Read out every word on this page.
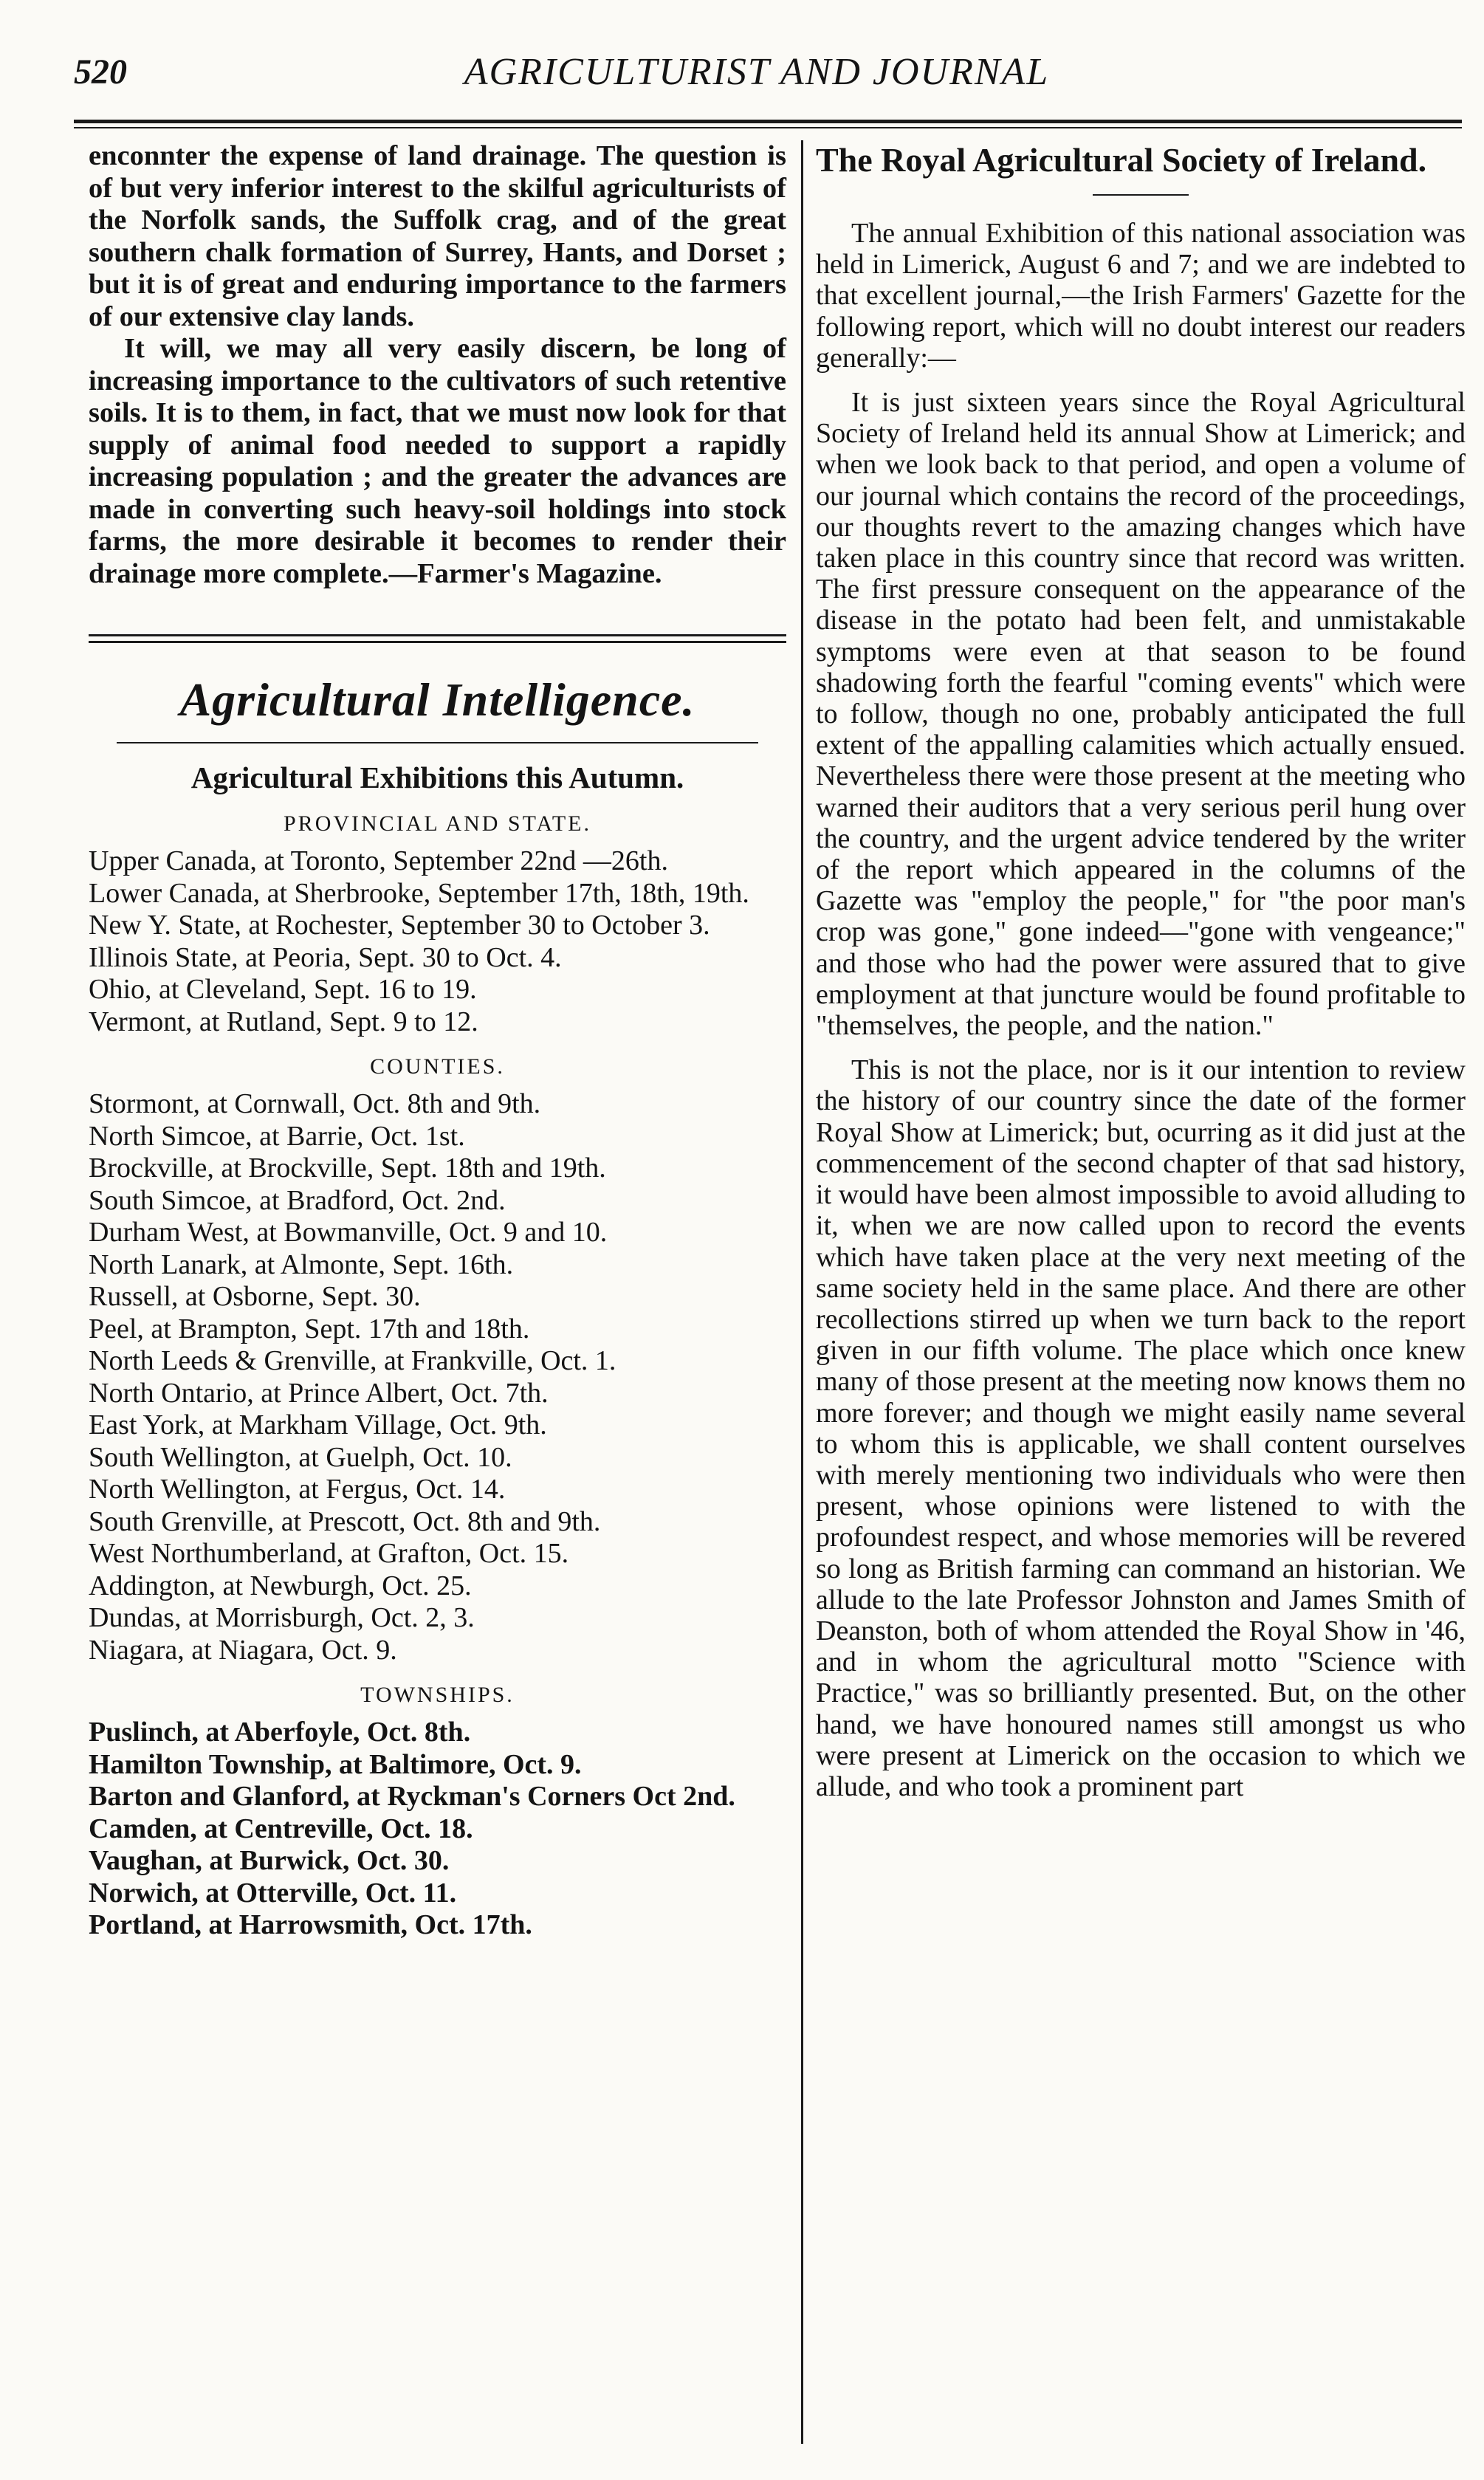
520	AGRICULTURIST AND JOURNAL

enconnter the expense of land drainage. The question is of but very inferior interest to the skilful agriculturists of the Norfolk sands, the Suffolk crag, and of the great southern chalk formation of Surrey, Hants, and Dorset ; but it is of great and enduring importance to the farmers of our extensive clay lands.

It will, we may all very easily discern, be long of increasing importance to the cultivators of such retentive soils. It is to them, in fact, that we must now look for that supply of animal food needed to support a rapidly increasing population ; and the greater the advances are made in converting such heavy-soil holdings into stock farms, the more desirable it becomes to render their drainage more complete.—Farmer's Magazine.

Agricultural Intelligence.
Agricultural Exhibitions this Autumn.
PROVINCIAL AND STATE.

Upper Canada, at Toronto, September 22nd —26th.

Lower Canada, at Sherbrooke, September 17th, 18th, 19th.

New Y. State, at Rochester, September 30 to October 3.

Illinois State, at Peoria, Sept. 30 to Oct. 4.

Ohio, at Cleveland, Sept. 16 to 19.

Vermont, at Rutland, Sept. 9 to 12.

COUNTIES.

Stormont, at Cornwall, Oct. 8th and 9th.

North Simcoe, at Barrie, Oct. 1st.

Brockville, at Brockville, Sept. 18th and 19th.

South Simcoe, at Bradford, Oct. 2nd.

Durham West, at Bowmanville, Oct. 9 and 10.

North Lanark, at Almonte, Sept. 16th.

Russell, at Osborne, Sept. 30.

Peel, at Brampton, Sept. 17th and 18th.

North Leeds & Grenville, at Frankville, Oct. 1.

North Ontario, at Prince Albert, Oct. 7th.

East York, at Markham Village, Oct. 9th.

South Wellington, at Guelph, Oct. 10.

North Wellington, at Fergus, Oct. 14.

South Grenville, at Prescott, Oct. 8th and 9th.

West Northumberland, at Grafton, Oct. 15.

Addington, at Newburgh, Oct. 25.

Dundas, at Morrisburgh, Oct. 2, 3.

Niagara, at Niagara, Oct. 9.

TOWNSHIPS.

Puslinch, at Aberfoyle, Oct. 8th.

Hamilton Township, at Baltimore, Oct. 9.

Barton and Glanford, at Ryckman's Corners Oct 2nd.

Camden, at Centreville, Oct. 18.

Vaughan, at Burwick, Oct. 30.

Norwich, at Otterville, Oct. 11.

Portland, at Harrowsmith, Oct. 17th.

The Royal Agricultural Society of Ireland.

The annual Exhibition of this national association was held in Limerick, August 6 and 7; and we are indebted to that excellent journal,—the Irish Farmers' Gazette for the following report, which will no doubt interest our readers generally:—

It is just sixteen years since the Royal Agricultural Society of Ireland held its annual Show at Limerick; and when we look back to that period, and open a volume of our journal which contains the record of the proceedings, our thoughts revert to the amazing changes which have taken place in this country since that record was written. The first pressure consequent on the appearance of the disease in the potato had been felt, and unmistakable symptoms were even at that season to be found shadowing forth the fearful "coming events" which were to follow, though no one, probably anticipated the full extent of the appalling calamities which actually ensued. Nevertheless there were those present at the meeting who warned their auditors that a very serious peril hung over the country, and the urgent advice tendered by the writer of the report which appeared in the columns of the Gazette was "employ the people," for "the poor man's crop was gone," gone indeed—"gone with vengeance;" and those who had the power were assured that to give employment at that juncture would be found profitable to "themselves, the people, and the nation."

This is not the place, nor is it our intention to review the history of our country since the date of the former Royal Show at Limerick; but, ocurring as it did just at the commencement of the second chapter of that sad history, it would have been almost impossible to avoid alluding to it, when we are now called upon to record the events which have taken place at the very next meeting of the same society held in the same place. And there are other recollections stirred up when we turn back to the report given in our fifth volume. The place which once knew many of those present at the meeting now knows them no more forever; and though we might easily name several to whom this is applicable, we shall content ourselves with merely mentioning two individuals who were then present, whose opinions were listened to with the profoundest respect, and whose memories will be revered so long as British farming can command an historian. We allude to the late Professor Johnston and James Smith of Deanston, both of whom attended the Royal Show in '46, and in whom the agricultural motto "Science with Practice," was so brilliantly presented. But, on the other hand, we have honoured names still amongst us who were present at Limerick on the occasion to which we allude, and who took a prominent part
